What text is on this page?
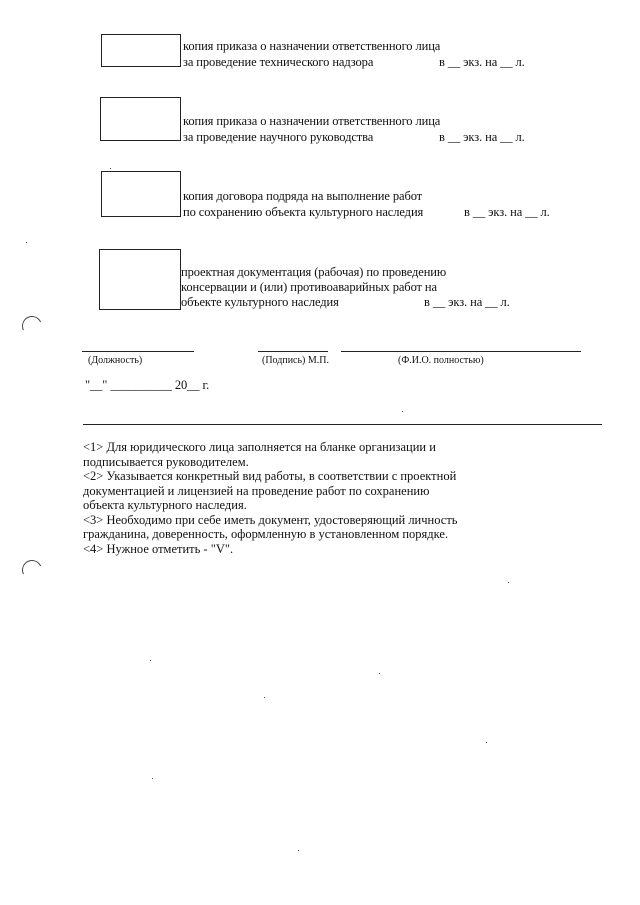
копия приказа о назначении ответственного лица
за проведение технического надзора	в __ экз. на __ л.
копия приказа о назначении ответственного лица
за проведение научного руководства	в __ экз. на __ л.
копия договора подряда на выполнение работ
по сохранению объекта культурного наследия	в __ экз. на __ л.
проектная документация (рабочая) по проведению
консервации и (или) противоаварийных работ на
объекте культурного наследия	в __ экз. на __ л.
(Должность)	(Подпись) М.П.	(Ф.И.О. полностью)
"__" __________ 20__ г.
<1> Для юридического лица заполняется на бланке организации и
подписывается руководителем.
<2> Указывается конкретный вид работы, в соответствии с проектной
документацией и лицензией на проведение работ по сохранению
объекта культурного наследия.
<3> Необходимо при себе иметь документ, удостоверяющий личность
гражданина, доверенность, оформленную в установленном порядке.
<4> Нужное отметить - "V".
